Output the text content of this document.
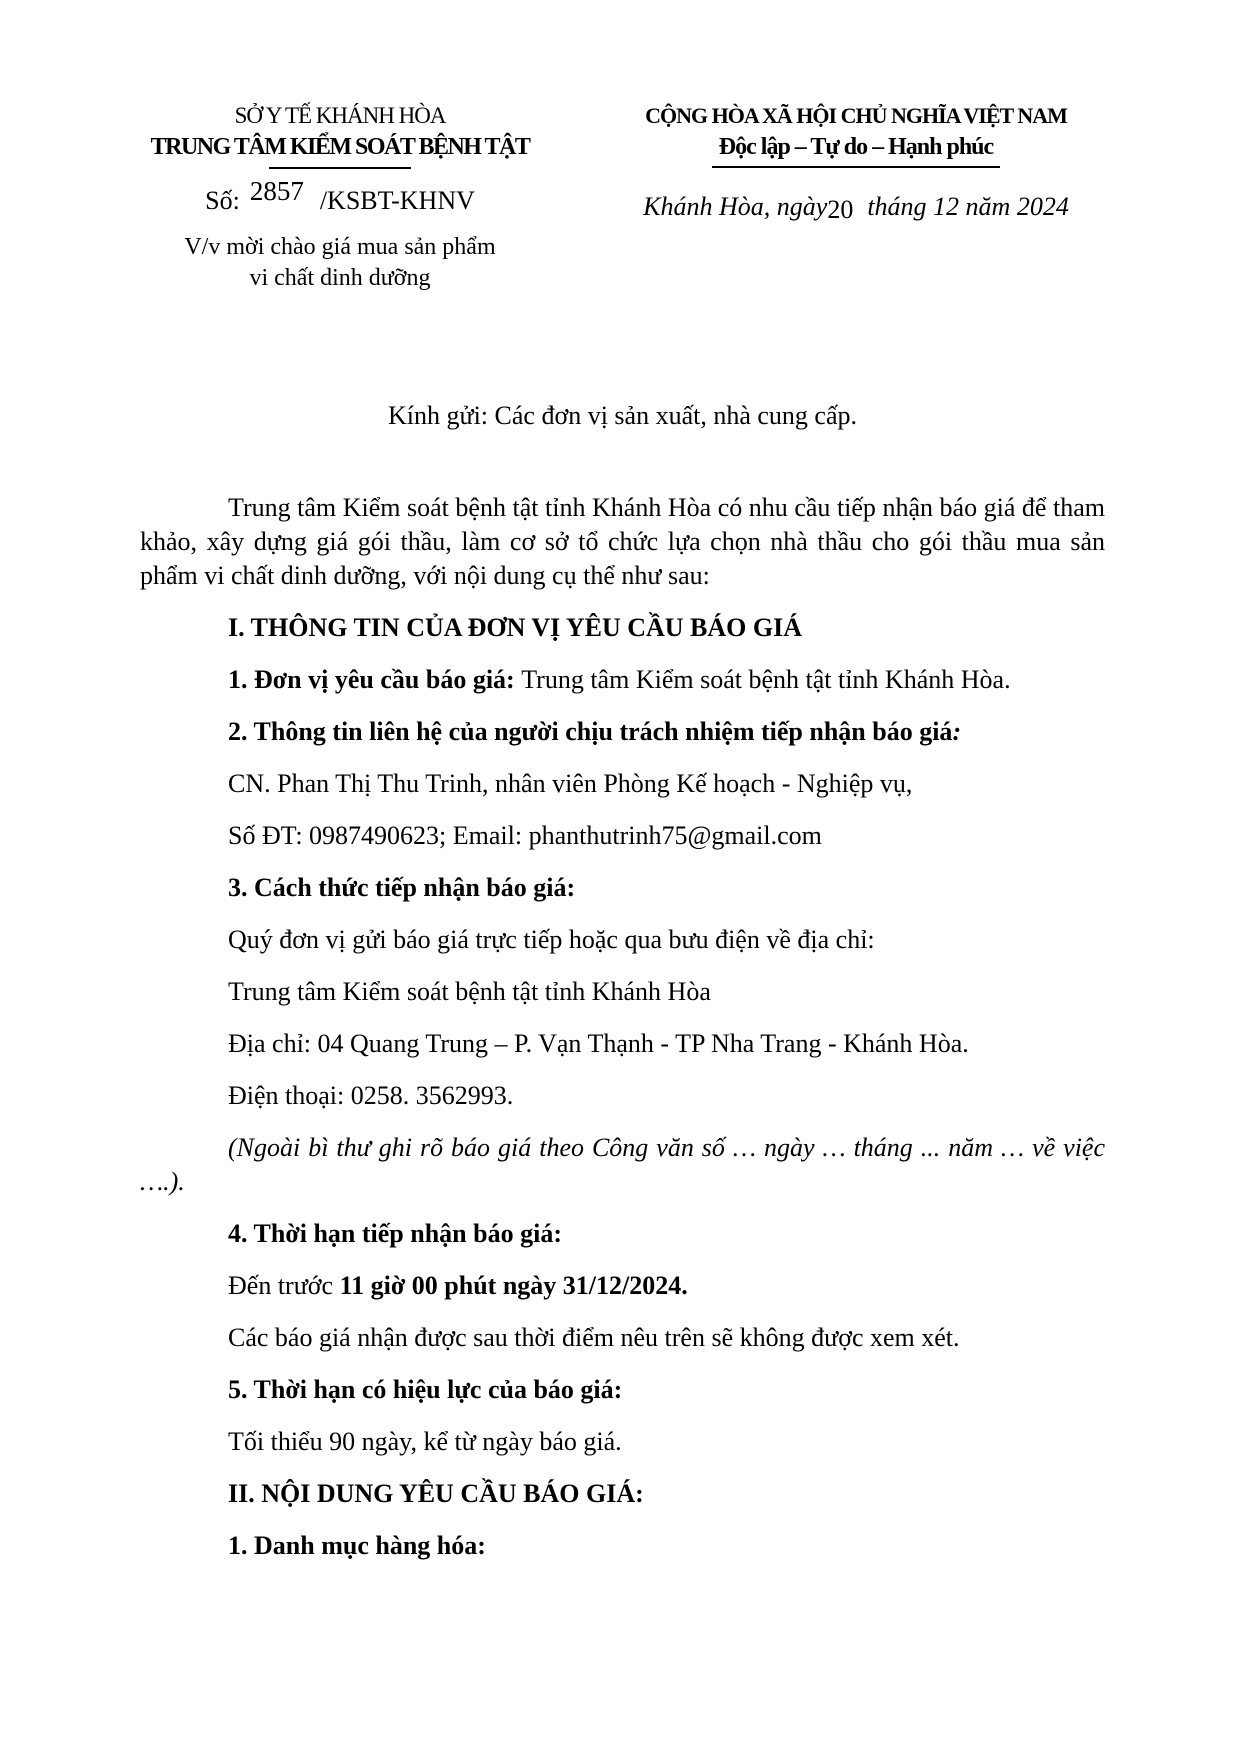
SỞ Y TẾ KHÁNH HÒA
TRUNG TÂM KIỂM SOÁT BỆNH TẬT
Số: 2857 /KSBT-KHNV
V/v mời chào giá mua sản phẩm
vi chất dinh dưỡng
CỘNG HÒA XÃ HỘI CHỦ NGHĨA VIỆT NAM
Độc lập – Tự do – Hạnh phúc
Khánh Hòa, ngày20 tháng 12 năm 2024

Kính gửi: Các đơn vị sản xuất, nhà cung cấp.

Trung tâm Kiểm soát bệnh tật tỉnh Khánh Hòa có nhu cầu tiếp nhận báo giá để tham khảo, xây dựng giá gói thầu, làm cơ sở tổ chức lựa chọn nhà thầu cho gói thầu mua sản phẩm vi chất dinh dưỡng, với nội dung cụ thể như sau:

I. THÔNG TIN CỦA ĐƠN VỊ YÊU CẦU BÁO GIÁ

1. Đơn vị yêu cầu báo giá: Trung tâm Kiểm soát bệnh tật tỉnh Khánh Hòa.

2. Thông tin liên hệ của người chịu trách nhiệm tiếp nhận báo giá:

CN. Phan Thị Thu Trinh, nhân viên Phòng Kế hoạch - Nghiệp vụ,

Số ĐT: 0987490623; Email: phanthutrinh75@gmail.com

3. Cách thức tiếp nhận báo giá:

Quý đơn vị gửi báo giá trực tiếp hoặc qua bưu điện về địa chỉ:

Trung tâm Kiểm soát bệnh tật tỉnh Khánh Hòa

Địa chỉ: 04 Quang Trung – P. Vạn Thạnh - TP Nha Trang - Khánh Hòa.

Điện thoại: 0258. 3562993.

(Ngoài bì thư ghi rõ báo giá theo Công văn số … ngày … tháng ... năm … về việc ….).

4. Thời hạn tiếp nhận báo giá:

Đến trước 11 giờ 00 phút ngày 31/12/2024.

Các báo giá nhận được sau thời điểm nêu trên sẽ không được xem xét.

5. Thời hạn có hiệu lực của báo giá:

Tối thiểu 90 ngày, kể từ ngày báo giá.

II. NỘI DUNG YÊU CẦU BÁO GIÁ:

1. Danh mục hàng hóa:
